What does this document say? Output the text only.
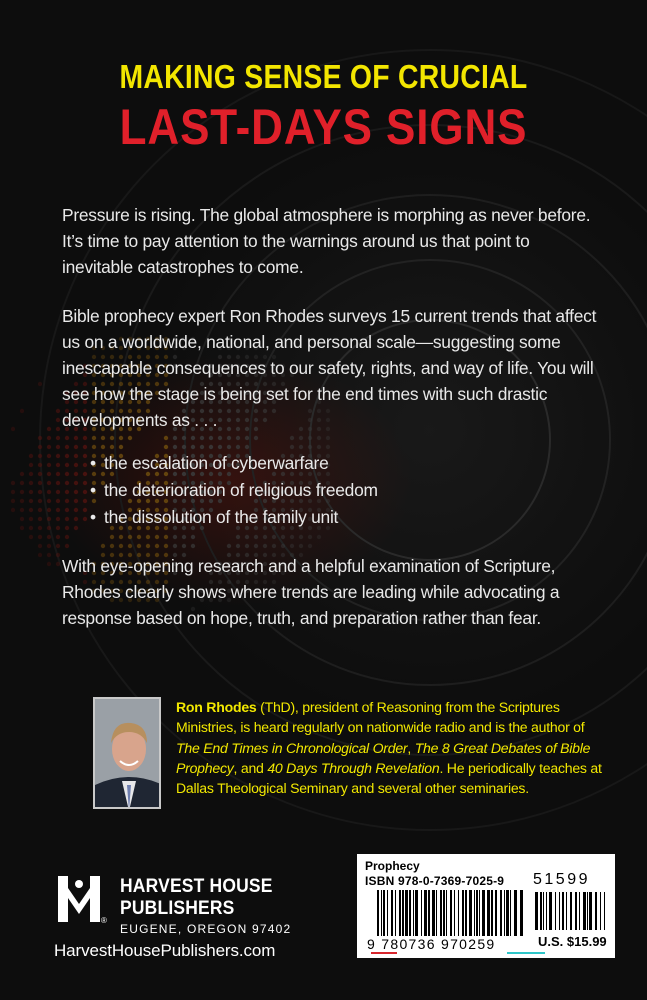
MAKING SENSE OF CRUCIAL
LAST-DAYS SIGNS

Pressure is rising. The global atmosphere is morphing as never before. It’s time to pay attention to the warnings around us that point to inevitable catastrophes to come.

Bible prophecy expert Ron Rhodes surveys 15 current trends that affect us on a worldwide, national, and personal scale—suggesting some inescapable consequences to our safety, rights, and way of life. You will see how the stage is being set for the end times with such drastic developments as . . .

• the escalation of cyberwarfare
• the deterioration of religious freedom
• the dissolution of the family unit

With eye-opening research and a helpful examination of Scripture, Rhodes clearly shows where trends are leading while advocating a response based on hope, truth, and preparation rather than fear.

Ron Rhodes (ThD), president of Reasoning from the Scriptures Ministries, is heard regularly on nationwide radio and is the author of The End Times in Chronological Order, The 8 Great Debates of Bible Prophecy, and 40 Days Through Revelation. He periodically teaches at Dallas Theological Seminary and several other seminaries.
HARVEST HOUSE
PUBLISHERS
®
EUGENE, OREGON 97402
HarvestHousePublishers.com
Prophecy
ISBN 978-0-7369-7025-9 51599
9 780736 970259	U.S. $15.99
